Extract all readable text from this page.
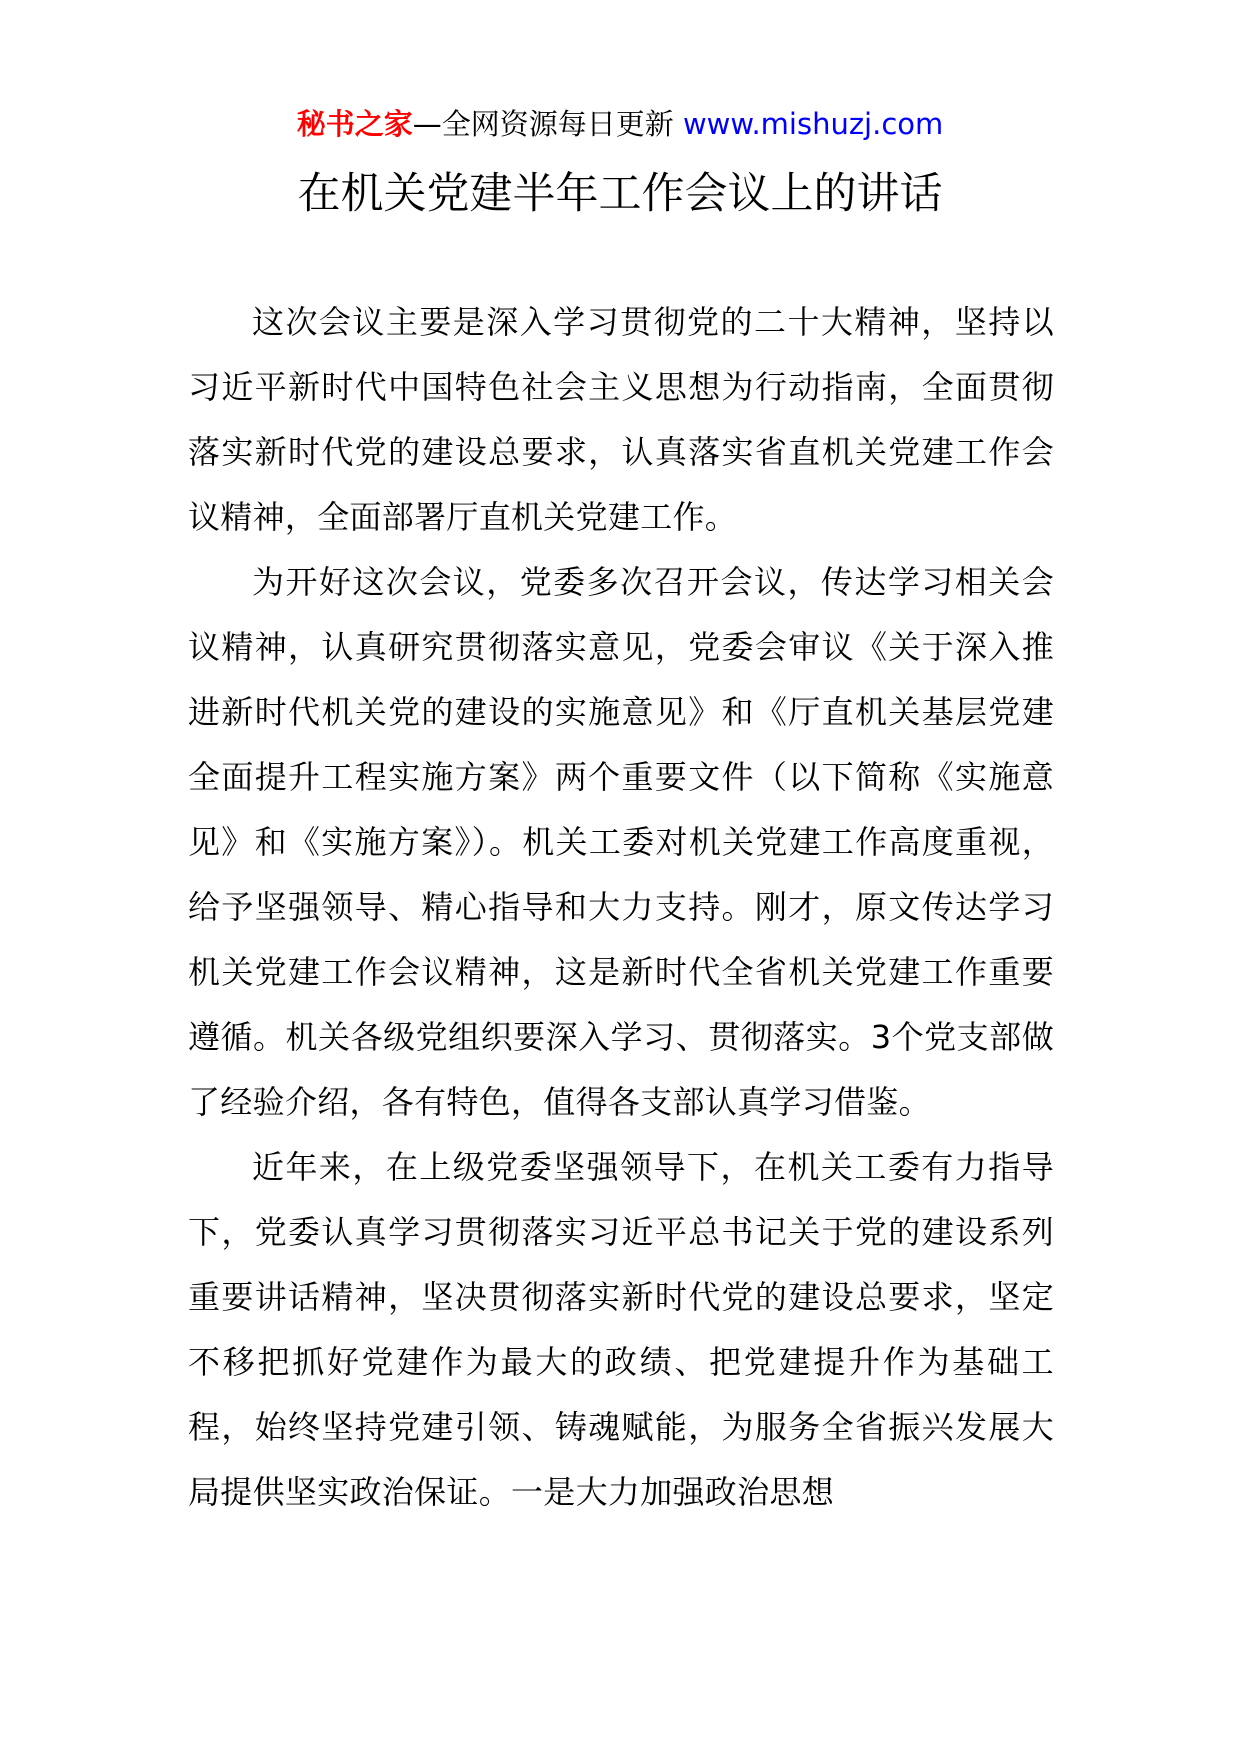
秘书之家—全网资源每日更新 www.mishuzj.com
在机关党建半年工作会议上的讲话

这次会议主要是深入学习贯彻党的二十大精神，坚持以习近平新时代中国特色社会主义思想为行动指南，全面贯彻落实新时代党的建设总要求，认真落实省直机关党建工作会议精神，全面部署厅直机关党建工作。

为开好这次会议，党委多次召开会议，传达学习相关会议精神，认真研究贯彻落实意见，党委会审议《关于深入推进新时代机关党的建设的实施意见》和《厅直机关基层党建全面提升工程实施方案》两个重要文件（以下简称《实施意见》和《实施方案》）。机关工委对机关党建工作高度重视，给予坚强领导、精心指导和大力支持。刚才，原文传达学习机关党建工作会议精神，这是新时代全省机关党建工作重要遵循。机关各级党组织要深入学习、贯彻落实。3个党支部做了经验介绍，各有特色，值得各支部认真学习借鉴。

近年来，在上级党委坚强领导下，在机关工委有力指导下，党委认真学习贯彻落实习近平总书记关于党的建设系列重要讲话精神，坚决贯彻落实新时代党的建设总要求，坚定不移把抓好党建作为最大的政绩、把党建提升作为基础工程，始终坚持党建引领、铸魂赋能，为服务全省振兴发展大局提供坚实政治保证。一是大力加强政治思想
